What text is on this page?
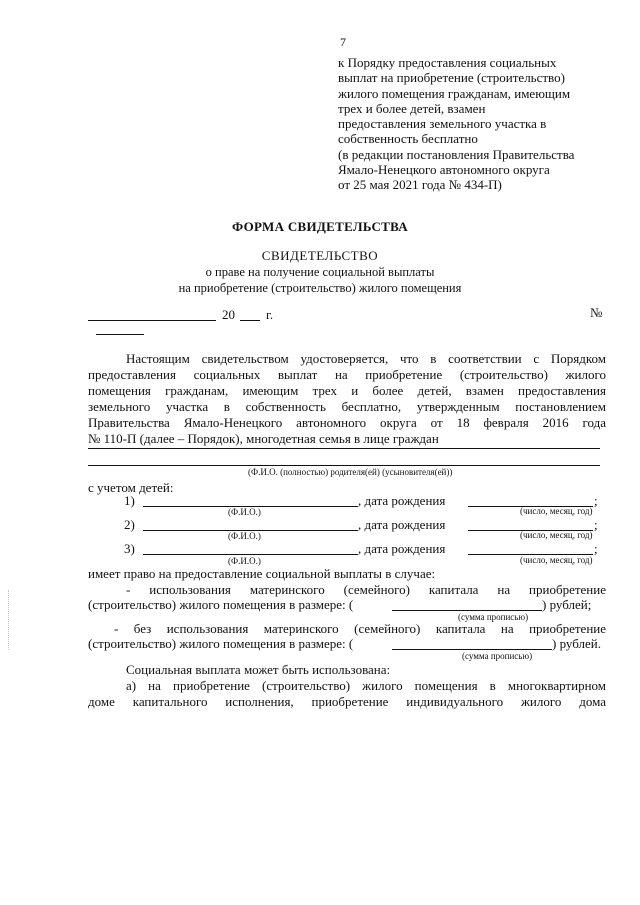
7
к Порядку предоставления социальных
выплат на приобретение (строительство)
жилого помещения гражданам, имеющим
трех и более детей, взамен
предоставления земельного участка в
собственность бесплатно
(в редакции постановления Правительства
Ямало-Ненецкого автономного округа
от 25 мая 2021 года № 434-П)
ФОРМА СВИДЕТЕЛЬСТВА
СВИДЕТЕЛЬСТВО
о праве на получение социальной выплаты
на приобретение (строительство) жилого помещения
20 г.	№
Настоящим свидетельством удостоверяется, что в соответствии с Порядком
предоставления социальных выплат на приобретение (строительство) жилого
помещения гражданам, имеющим трех и более детей, взамен предоставления
земельного участка в собственность бесплатно, утвержденным постановлением
Правительства Ямало-Ненецкого автономного округа от 18 февраля 2016 года
№ 110-П (далее – Порядок), многодетная семья в лице граждан
(Ф.И.О. (полностью) родителя(ей) (усыновителя(ей))
с учетом детей:
1)	, дата рождения	;
(Ф.И.О.)	(число, месяц, год)
2)	, дата рождения	;
(Ф.И.О.)	(число, месяц, год)
3)	, дата рождения	;
(Ф.И.О.)	(число, месяц, год)
имеет право на предоставление социальной выплаты в случае:
- использования материнского (семейного) капитала на приобретение
(строительство) жилого помещения в размере: (	) рублей;
(сумма прописью)
- без использования материнского (семейного) капитала на приобретение
(строительство) жилого помещения в размере: (	) рублей.
(сумма прописью)
Социальная выплата может быть использована:
а) на приобретение (строительство) жилого помещения в многоквартирном
доме капитального исполнения, приобретение индивидуального жилого дома
